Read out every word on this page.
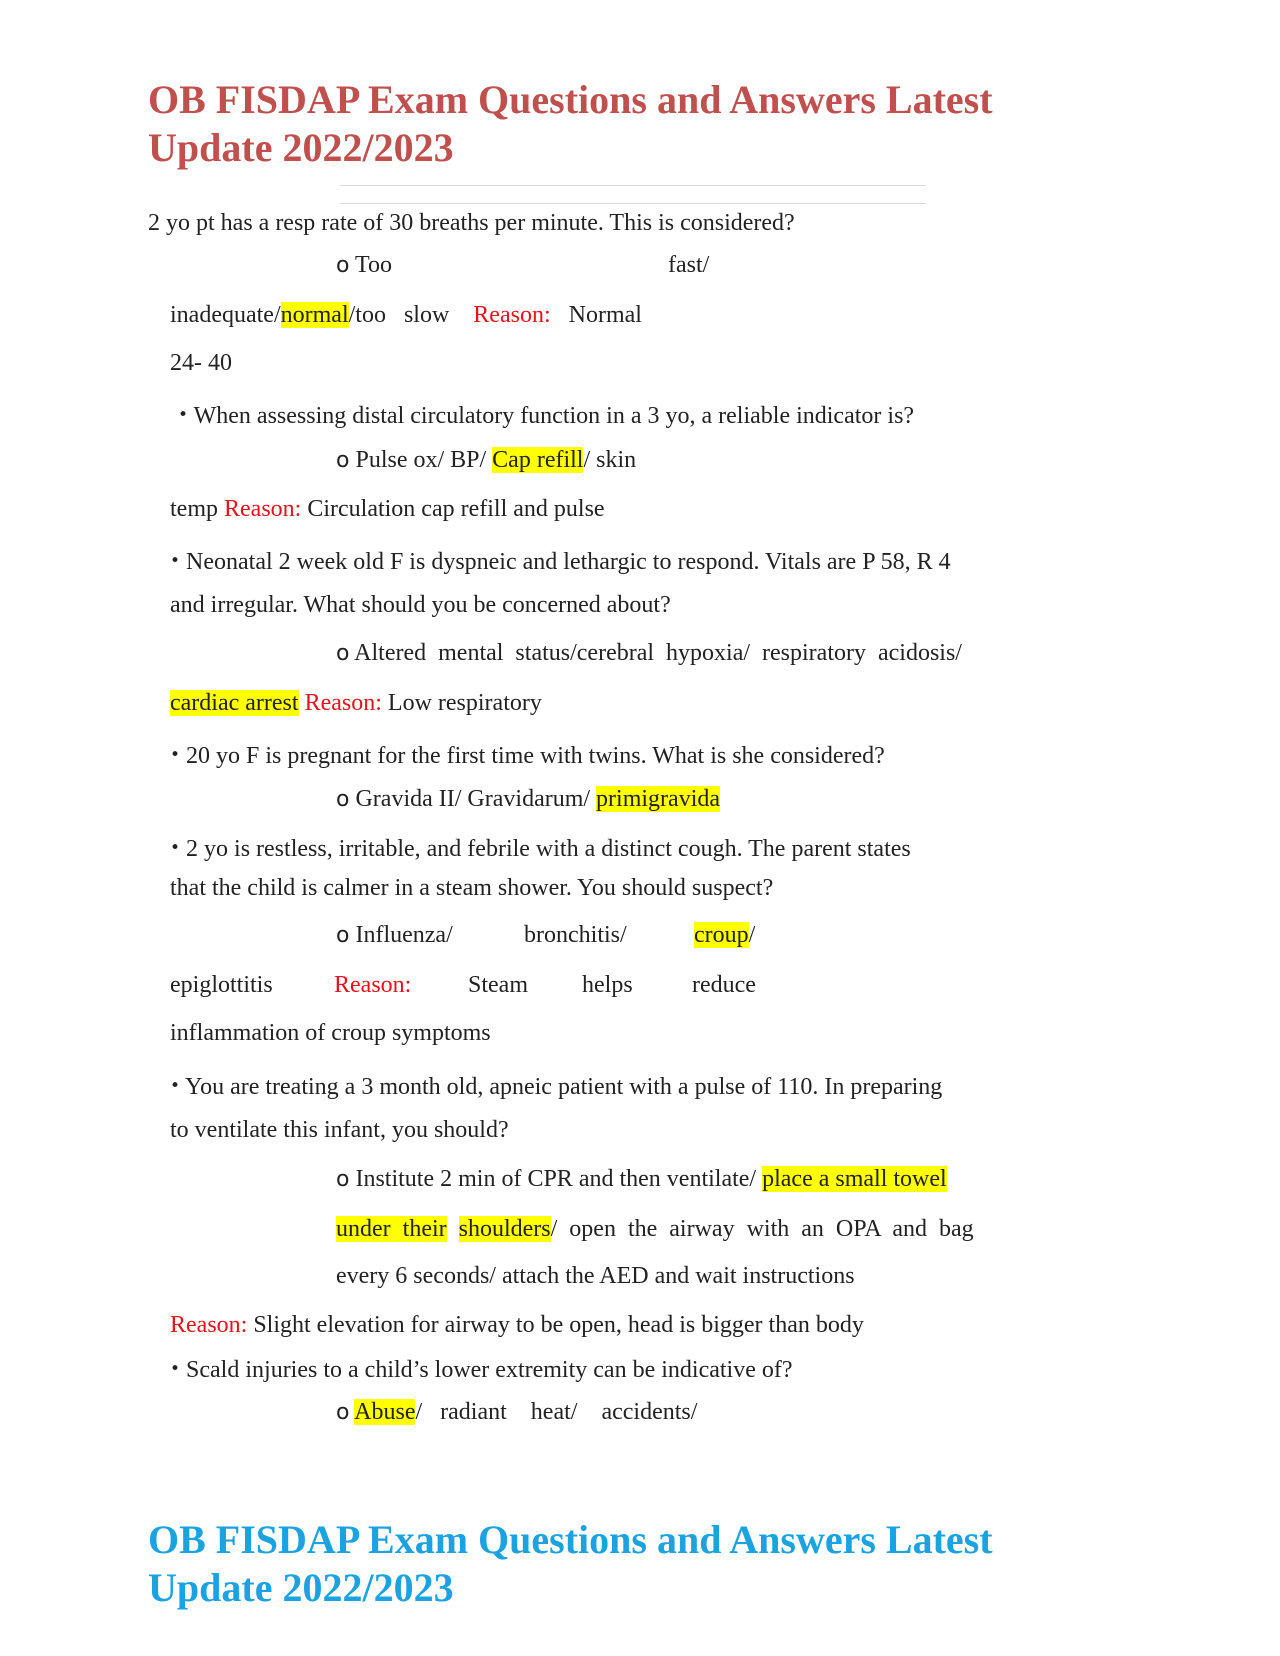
OB FISDAP Exam Questions and Answers Latest
Update 2022/2023
2 yo pt has a resp rate of 30 breaths per minute. This is considered?
o Too	fast/
inadequate/normal/too slow Reason: Normal
24- 40
• When assessing distal circulatory function in a 3 yo, a reliable indicator is?
o Pulse ox/ BP/ Cap refill/ skin
temp Reason: Circulation cap refill and pulse
• Neonatal 2 week old F is dyspneic and lethargic to respond. Vitals are P 58, R 4
and irregular. What should you be concerned about?
o Altered  mental  status/cerebral  hypoxia/  respiratory  acidosis/
cardiac arrest Reason: Low respiratory
• 20 yo F is pregnant for the first time with twins. What is she considered?
o Gravida II/ Gravidarum/ primigravida
• 2 yo is restless, irritable, and febrile with a distinct cough. The parent states
that the child is calmer in a steam shower. You should suspect?
o Influenza/	bronchitis/	croup/
epiglottitis	Reason: Steam helps reduce
inflammation of croup symptoms
• You are treating a 3 month old, apneic patient with a pulse of 110. In preparing
to ventilate this infant, you should?
o Institute 2 min of CPR and then ventilate/ place a small towel
under their shoulders/ open the airway with an OPA and bag
every 6 seconds/ attach the AED and wait instructions
Reason: Slight elevation for airway to be open, head is bigger than body
• Scald injuries to a child’s lower extremity can be indicative of?
o Abuse/ radiant heat/ accidents/
OB FISDAP Exam Questions and Answers Latest
Update 2022/2023
